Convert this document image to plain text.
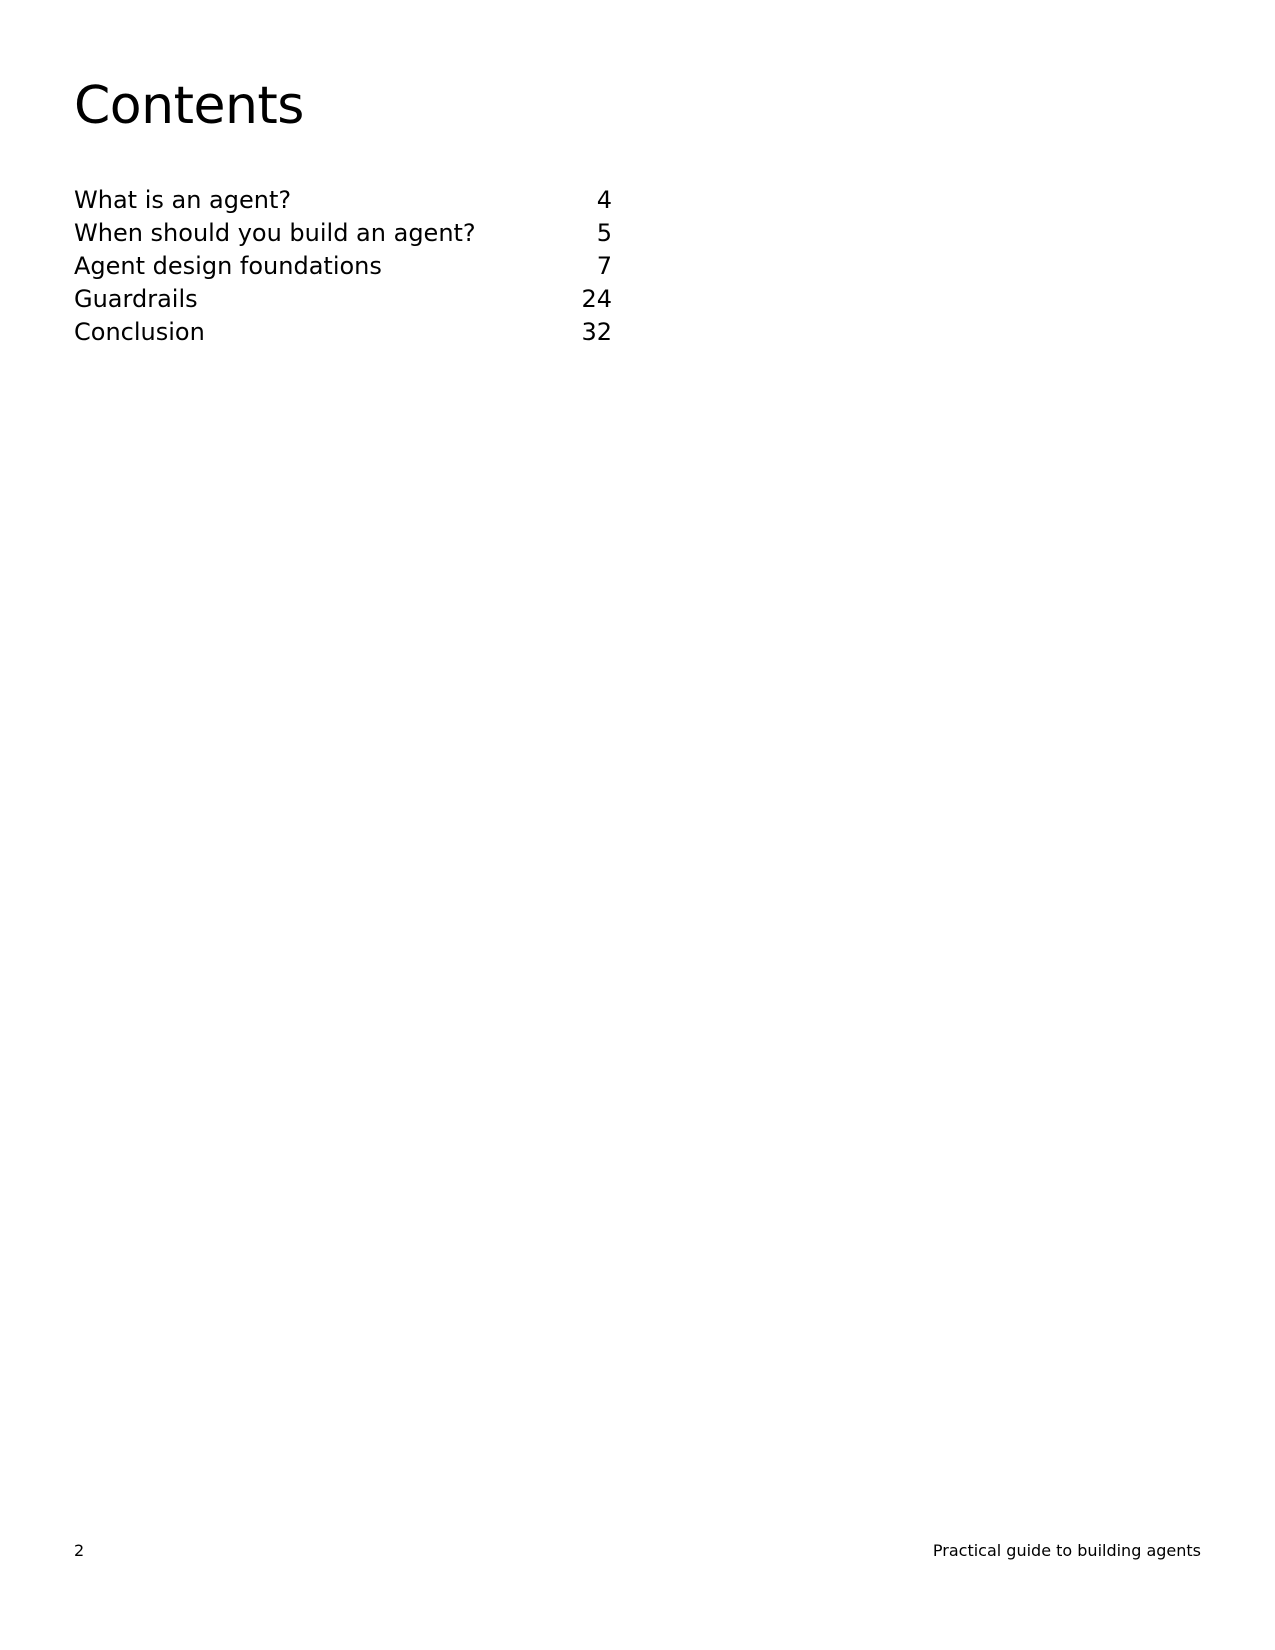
Contents
What is an agent?	4
When should you build an agent?	5
Agent design foundations	7
Guardrails	24
Conclusion	32
2	Practical guide to building agents
